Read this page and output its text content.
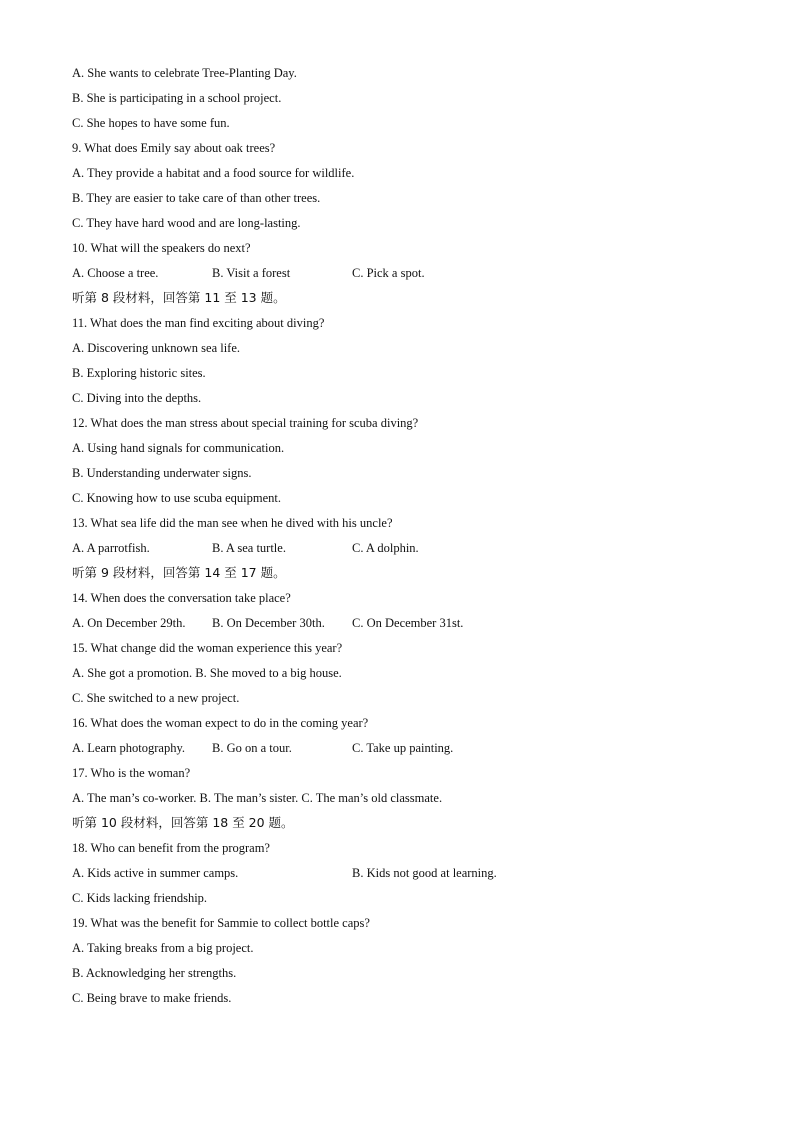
A. She wants to celebrate Tree-Planting Day.
B. She is participating in a school project.
C. She hopes to have some fun.
9. What does Emily say about oak trees?
A. They provide a habitat and a food source for wildlife.
B. They are easier to take care of than other trees.
C. They have hard wood and are long-lasting.
10. What will the speakers do next?
A. Choose a tree.	B. Visit a forest	C. Pick a spot.
听第 8 段材料，回答第 11 至 13 题。
11. What does the man find exciting about diving?
A. Discovering unknown sea life.
B. Exploring historic sites.
C. Diving into the depths.
12. What does the man stress about special training for scuba diving?
A. Using hand signals for communication.
B. Understanding underwater signs.
C. Knowing how to use scuba equipment.
13. What sea life did the man see when he dived with his uncle?
A. A parrotfish.	B. A sea turtle.	C. A dolphin.
听第 9 段材料，回答第 14 至 17 题。
14. When does the conversation take place?
A. On December 29th. B. On December 30th. C. On December 31st.
15. What change did the woman experience this year?
A. She got a promotion. B. She moved to a big house.
C. She switched to a new project.
16. What does the woman expect to do in the coming year?
A. Learn photography. B. Go on a tour.	C. Take up painting.
17. Who is the woman?
A. The man’s co-worker. B. The man’s sister. C. The man’s old classmate.
听第 10 段材料，回答第 18 至 20 题。
18. Who can benefit from the program?
A. Kids active in summer camps.	B. Kids not good at learning.
C. Kids lacking friendship.
19. What was the benefit for Sammie to collect bottle caps?
A. Taking breaks from a big project.
B. Acknowledging her strengths.
C. Being brave to make friends.
